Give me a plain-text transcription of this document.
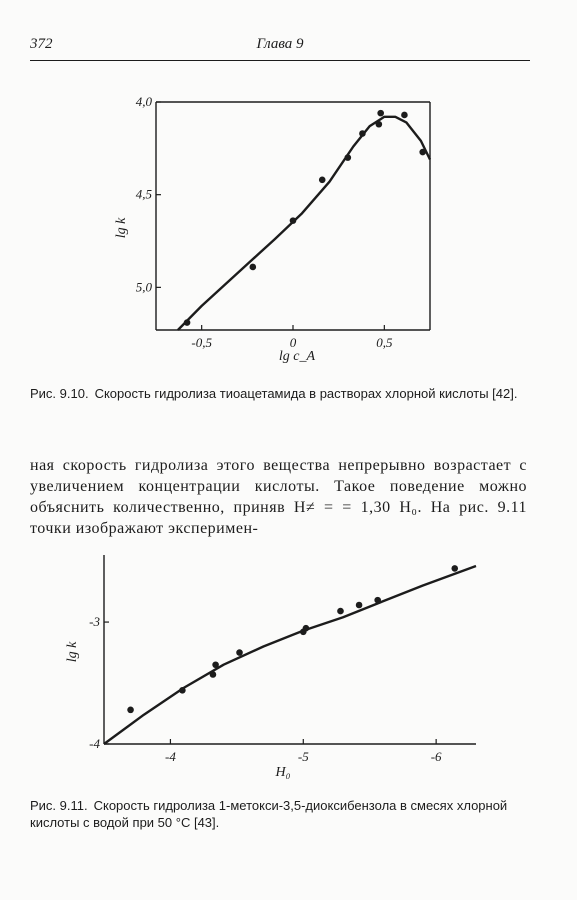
372	Глава 9
-0,5	0	0,5
4,0
4,5
5,0
lg c_A
lg k
-4	-5	-6
-3
-4
H₀
lg k
Рис. 9.10. Скорость гидролиза тиоацетамида в растворах хлорной кислоты [42].
ная скорость гидролиза этого вещества непрерывно возрастает с увеличением концентрации кислоты. Такое поведение можно объяснить количественно, приняв H≠ = = 1,30 H₀. На рис. 9.11 точки изображают эксперимен-
Рис. 9.11. Скорость гидролиза 1-метокси-3,5-диоксибензола в смесях хлорной кислоты с водой при 50 °C [43].
